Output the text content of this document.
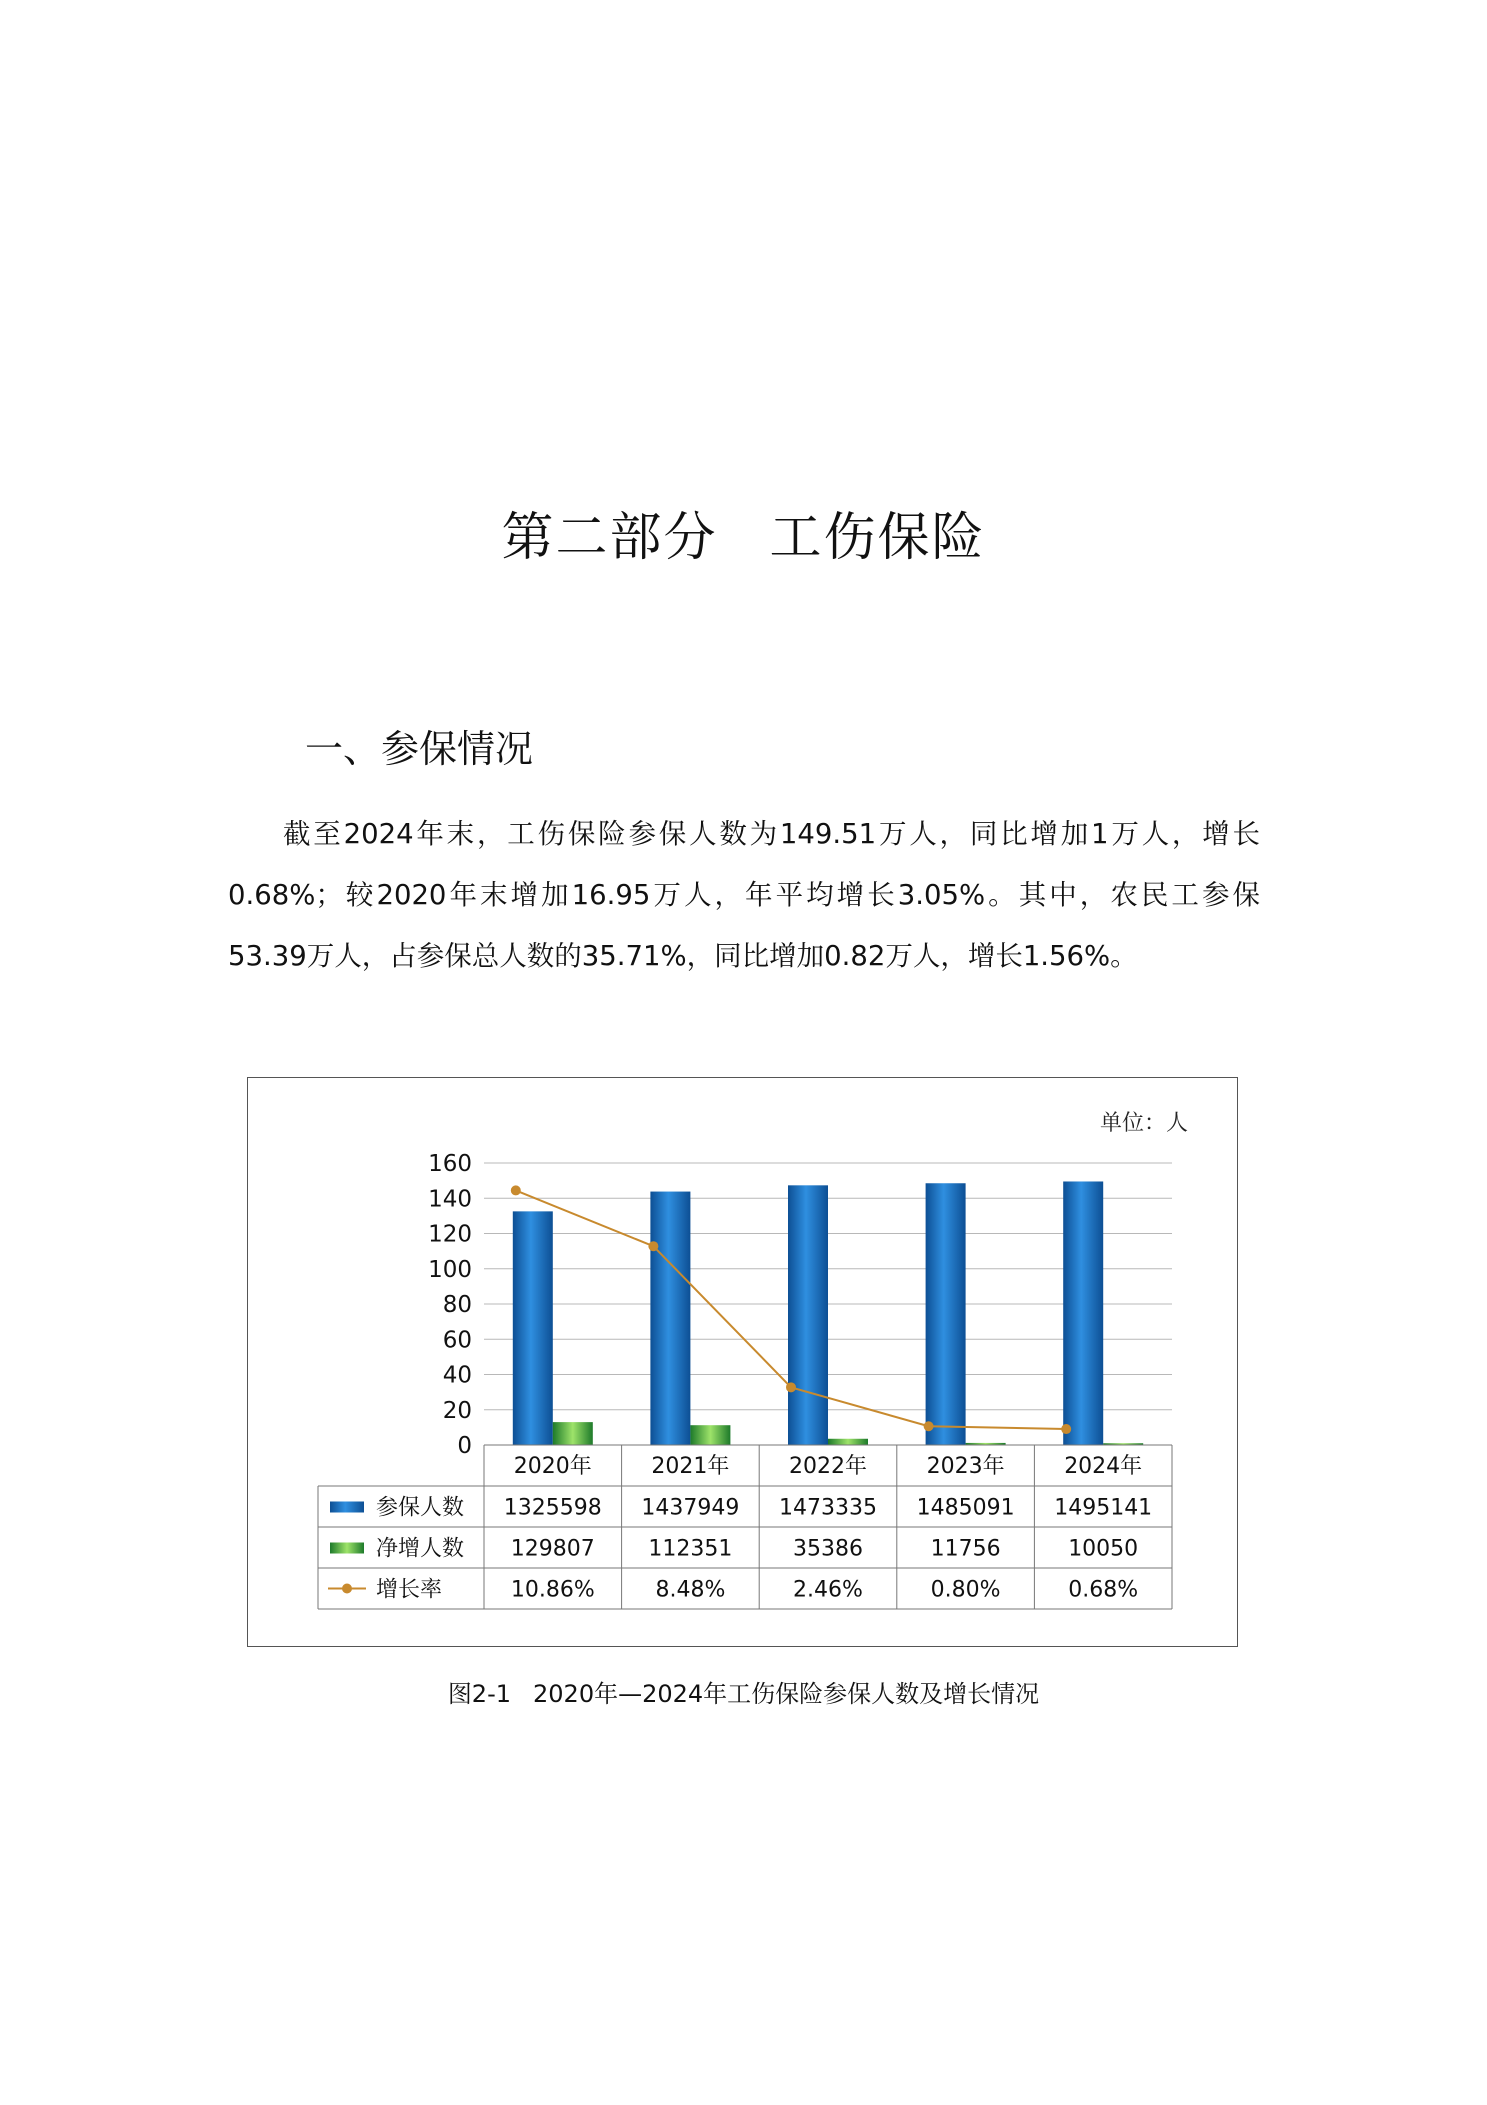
第二部分 工伤保险
一、参保情况

截至2024年末，工伤保险参保人数为149.51万人，同比增加1万人，增长0.68%；较2020年末增加16.95万人，年平均增长3.05%。其中，农民工参保53.39万人，占参保总人数的35.71%，同比增加0.82万人，增长1.56%。

单位：人
0
20
40
60
80
100
120
140
160
2020年	2021年	2022年	2023年	2024年
参保人数 1325598 1437949 1473335 1485091 1495141
净增人数 129807 112351	35386	11756	10050
增长率	10.86%	8.48%	2.46%	0.80%	0.68%

图2-1 2020年—2024年工伤保险参保人数及增长情况
